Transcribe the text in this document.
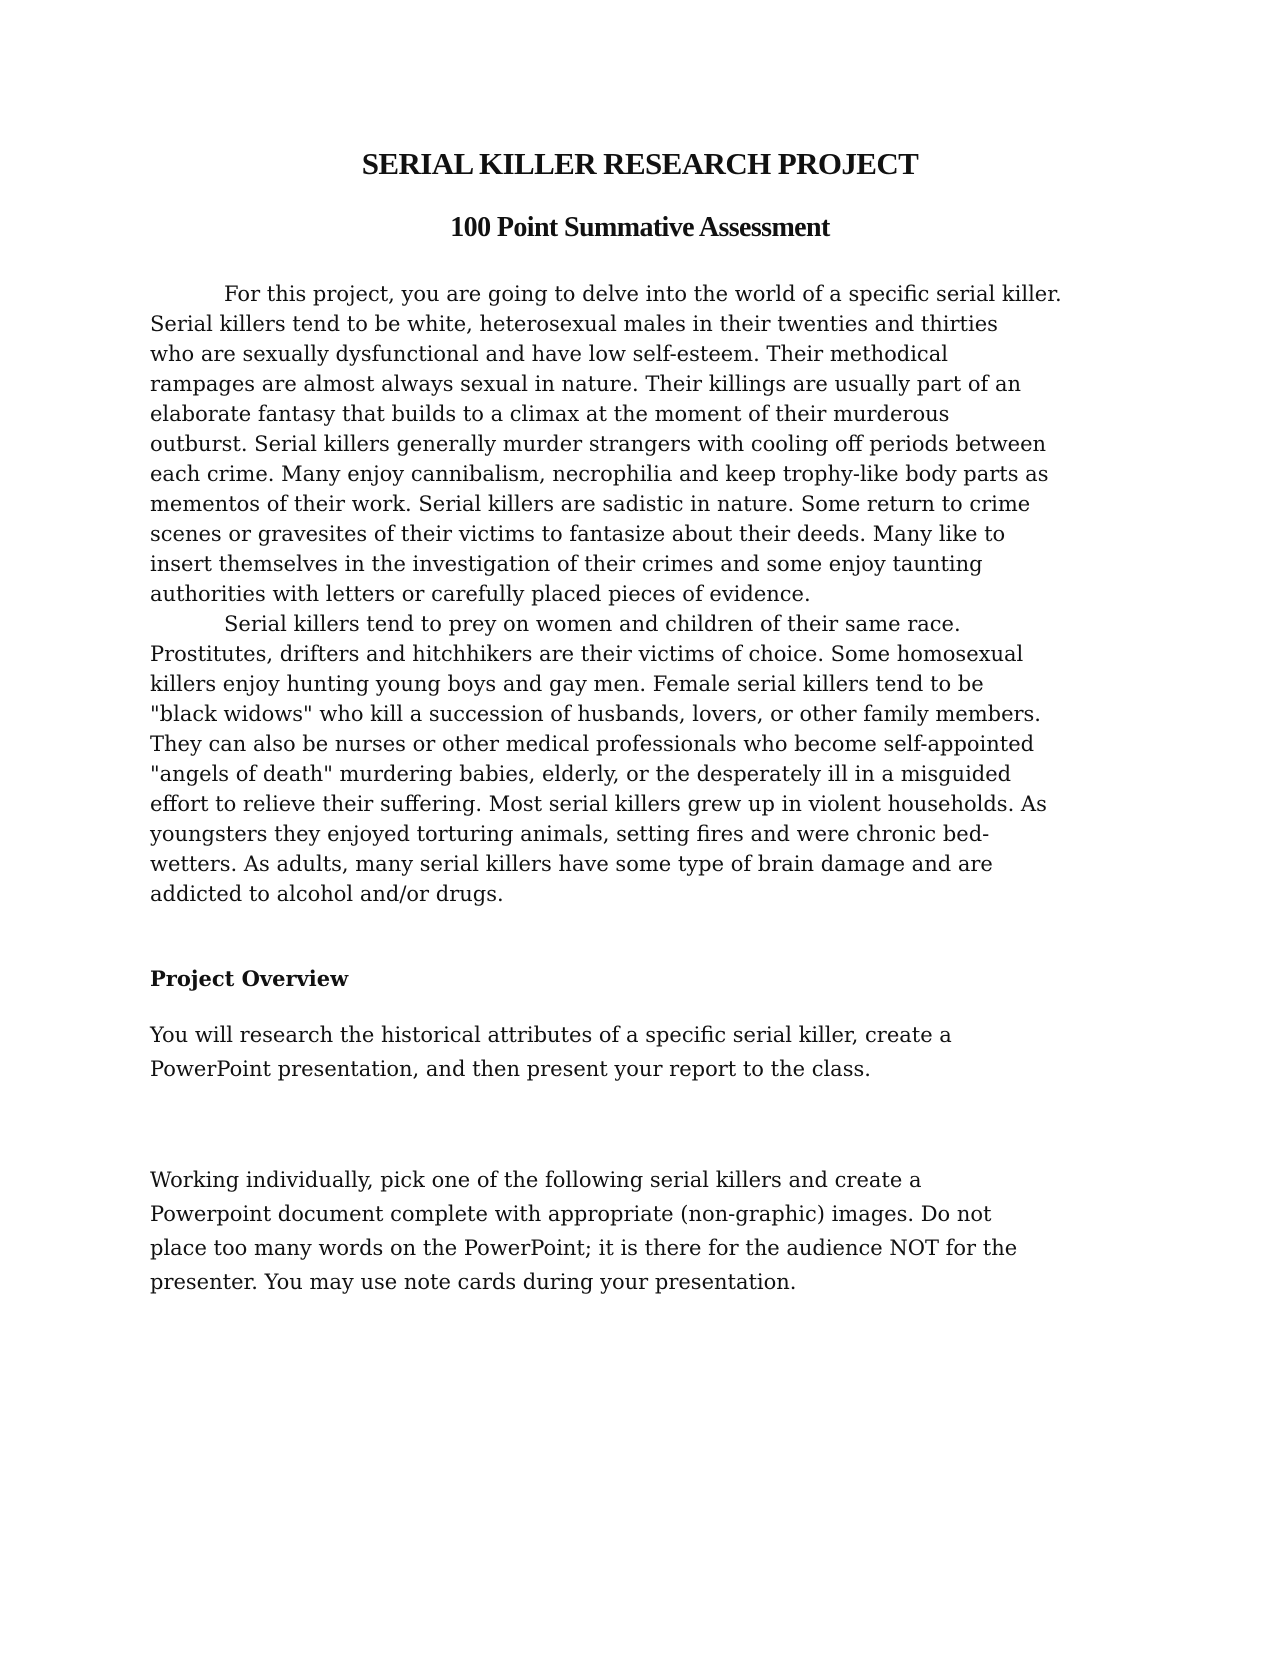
SERIAL KILLER RESEARCH PROJECT
100 Point Summative Assessment
For this project, you are going to delve into the world of a specific serial killer.
Serial killers tend to be white, heterosexual males in their twenties and thirties
who are sexually dysfunctional and have low self-esteem. Their methodical
rampages are almost always sexual in nature. Their killings are usually part of an
elaborate fantasy that builds to a climax at the moment of their murderous
outburst. Serial killers generally murder strangers with cooling off periods between
each crime. Many enjoy cannibalism, necrophilia and keep trophy-like body parts as
mementos of their work. Serial killers are sadistic in nature. Some return to crime
scenes or gravesites of their victims to fantasize about their deeds. Many like to
insert themselves in the investigation of their crimes and some enjoy taunting
authorities with letters or carefully placed pieces of evidence.
Serial killers tend to prey on women and children of their same race.
Prostitutes, drifters and hitchhikers are their victims of choice. Some homosexual
killers enjoy hunting young boys and gay men. Female serial killers tend to be
"black widows" who kill a succession of husbands, lovers, or other family members.
They can also be nurses or other medical professionals who become self-appointed
"angels of death" murdering babies, elderly, or the desperately ill in a misguided
effort to relieve their suffering. Most serial killers grew up in violent households. As
youngsters they enjoyed torturing animals, setting fires and were chronic bed-
wetters. As adults, many serial killers have some type of brain damage and are
addicted to alcohol and/or drugs.
Project Overview
You will research the historical attributes of a specific serial killer, create a
PowerPoint presentation, and then present your report to the class.
Working individually, pick one of the following serial killers and create a
Powerpoint document complete with appropriate (non-graphic) images. Do not
place too many words on the PowerPoint; it is there for the audience NOT for the
presenter. You may use note cards during your presentation.
